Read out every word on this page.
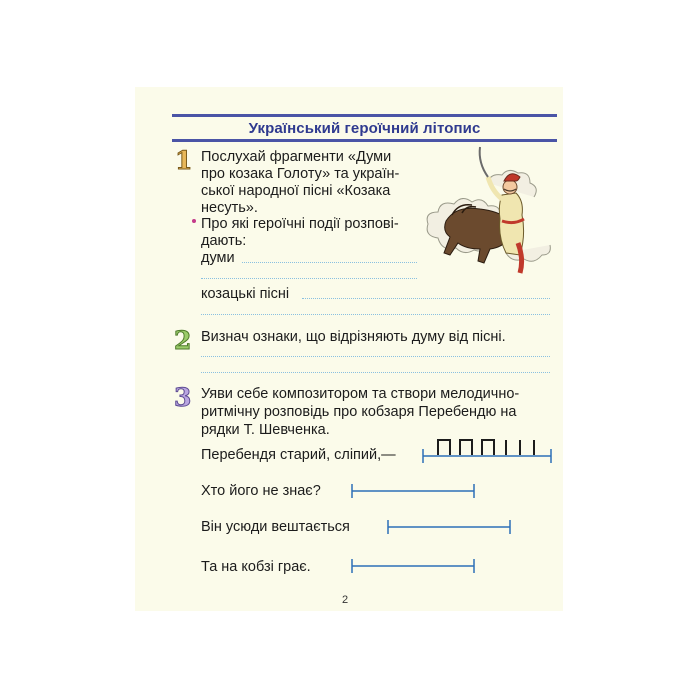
Український героїчний літопис
1 Послухай фрагменти «Думи
про козака Голоту» та україн-
ської народної пісні «Козака
несуть».
Про які героїчні події розпові-
дають:
думи
козацькі пісні
2 Визнач ознаки, що відрізняють думу від пісні.
3 Уяви себе композитором та створи мелодично-
ритмічну розповідь про кобзаря Перебендю на
рядки Т. Шевченка.
Перебендя старий, сліпий,—
Хто його не знає?
Він усюди вештається
Та на кобзі грає.
2
